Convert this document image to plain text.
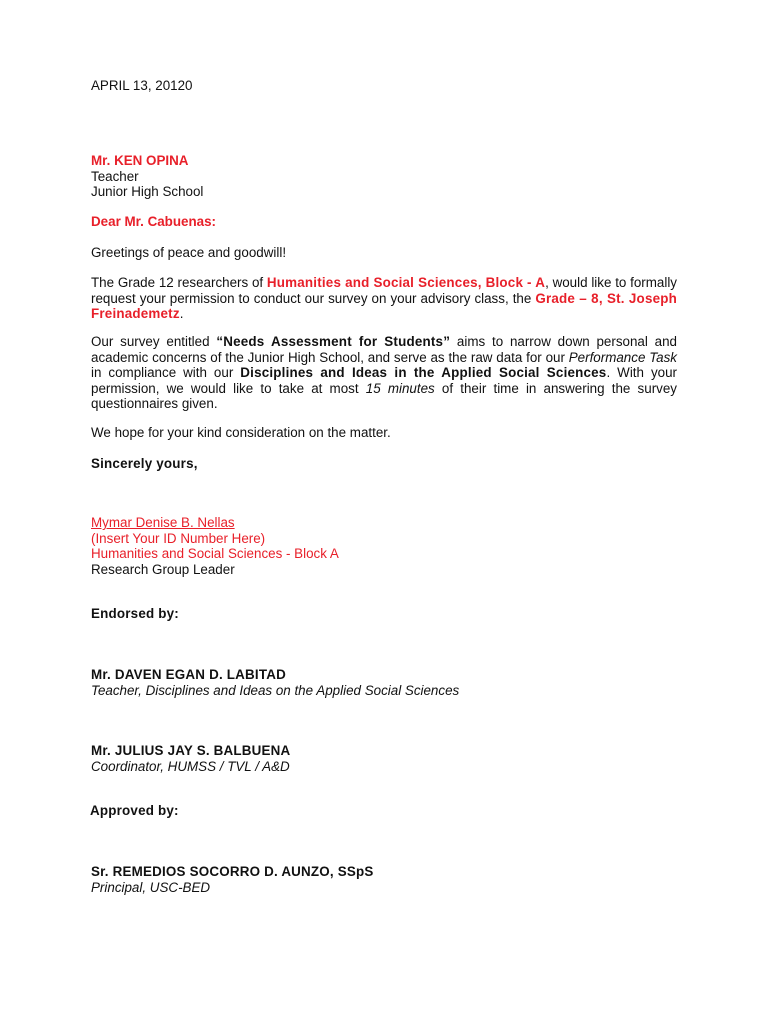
APRIL 13, 20120

Mr. KEN OPINA
Teacher
Junior High School

Dear Mr. Cabuenas:

Greetings of peace and goodwill!

The Grade 12 researchers of Humanities and Social Sciences, Block - A, would like to formally request your permission to conduct our survey on your advisory class, the Grade – 8, St. Joseph Freinademetz.

Our survey entitled “Needs Assessment for Students” aims to narrow down personal and academic concerns of the Junior High School, and serve as the raw data for our Performance Task in compliance with our Disciplines and Ideas in the Applied Social Sciences. With your permission, we would like to take at most 15 minutes of their time in answering the survey questionnaires given.

We hope for your kind consideration on the matter.

Sincerely yours,

Mymar Denise B. Nellas
(Insert Your ID Number Here)
Humanities and Social Sciences - Block A
Research Group Leader

Endorsed by:

Mr. DAVEN EGAN D. LABITAD
Teacher, Disciplines and Ideas on the Applied Social Sciences
Mr. JULIUS JAY S. BALBUENA
Coordinator, HUMSS / TVL / A&D

Approved by:

Sr. REMEDIOS SOCORRO D. AUNZO, SSpS
Principal, USC-BED
